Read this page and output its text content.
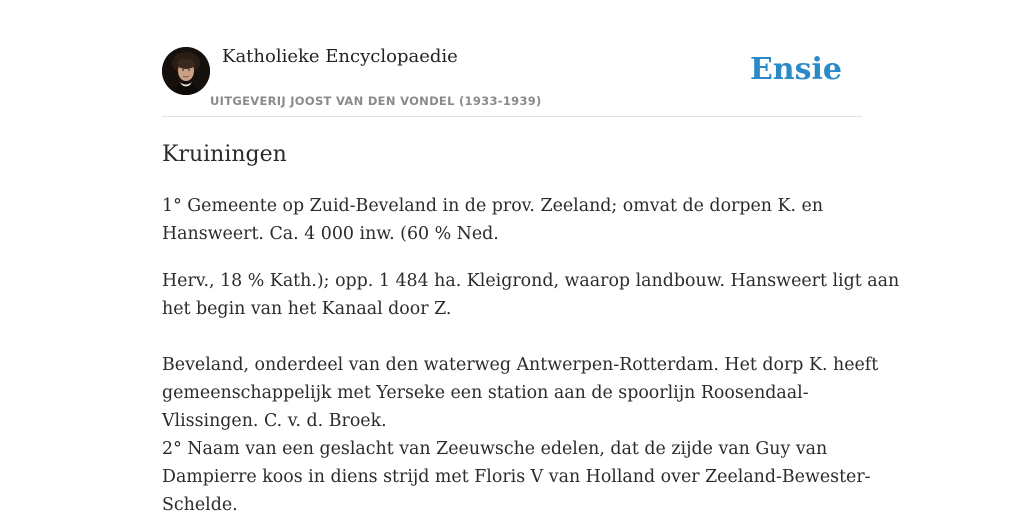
Katholieke Encyclopaedie
UITGEVERIJ JOOST VAN DEN VONDEL (1933-1939)
Ensie
Kruiningen

1° Gemeente op Zuid-Beveland in de prov. Zeeland; omvat de dorpen K. en
Hansweert. Ca. 4 000 inw. (60 % Ned.

Herv., 18 % Kath.); opp. 1 484 ha. Kleigrond, waarop landbouw. Hansweert ligt aan
het begin van het Kanaal door Z.

Beveland, onderdeel van den waterweg Antwerpen-Rotterdam. Het dorp K. heeft
gemeenschappelijk met Yerseke een station aan de spoorlijn Roosendaal-
Vlissingen. C. v. d. Broek.
2° Naam van een geslacht van Zeeuwsche edelen, dat de zijde van Guy van
Dampierre koos in diens strijd met Floris V van Holland over Zeeland-Bewester-
Schelde.
